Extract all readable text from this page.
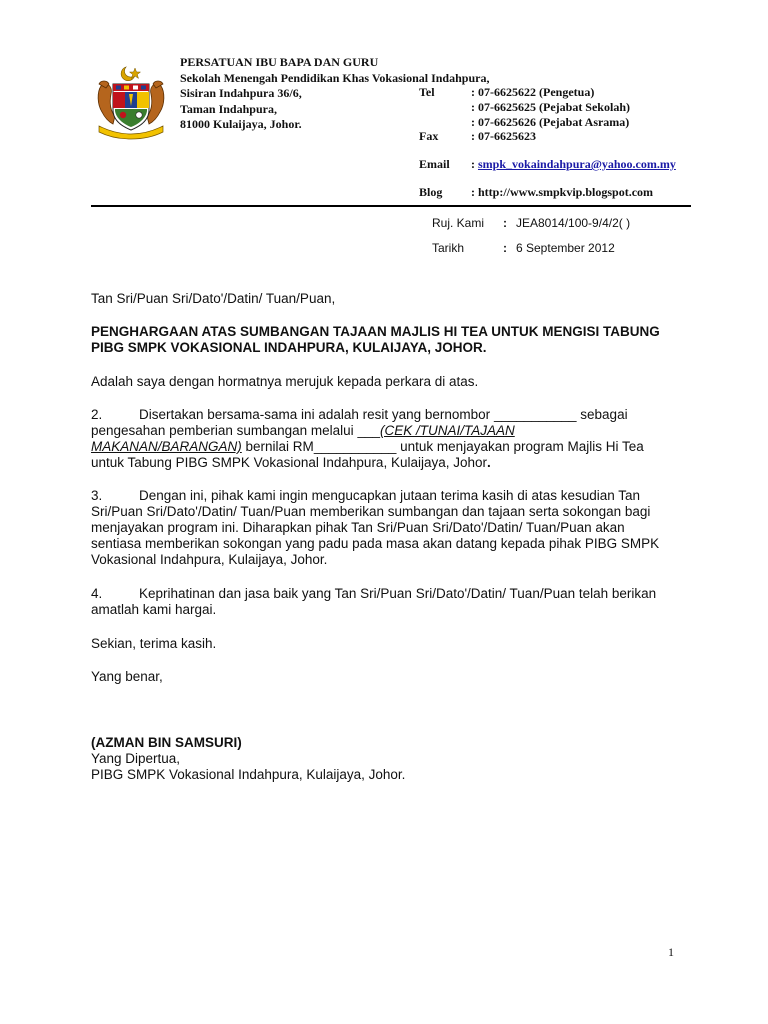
PERSATUAN IBU BAPA DAN GURU
Sekolah Menengah Pendidikan Khas Vokasional Indahpura,
Sisiran Indahpura 36/6,
Taman Indahpura,
81000 Kulaijaya, Johor.
Tel	: 07-6625622 (Pengetua)
: 07-6625625 (Pejabat Sekolah)
: 07-6625626 (Pejabat Asrama)
Fax	: 07-6625623
Email	: smpk_vokaindahpura@yahoo.com.my
Blog	: http://www.smpkvip.blogspot.com
Ruj. Kami : JEA8014/100-9/4/2( )
Tarikh	: 6 September 2012
Tan Sri/Puan Sri/Dato'/Datin/ Tuan/Puan,
PENGHARGAAN ATAS SUMBANGAN TAJAAN MAJLIS HI TEA UNTUK MENGISI TABUNG
PIBG SMPK VOKASIONAL INDAHPURA, KULAIJAYA, JOHOR.
Adalah saya dengan hormatnya merujuk kepada perkara di atas.
2.	Disertakan bersama-sama ini adalah resit yang bernombor ___________ sebagai
pengesahan pemberian sumbangan melalui ___(CEK /TUNAI/TAJAAN
MAKANAN/BARANGAN) bernilai RM___________ untuk menjayakan program Majlis Hi Tea
untuk Tabung PIBG SMPK Vokasional Indahpura, Kulaijaya, Johor.
3.	Dengan ini, pihak kami ingin mengucapkan jutaan terima kasih di atas kesudian Tan
Sri/Puan Sri/Dato'/Datin/ Tuan/Puan memberikan sumbangan dan tajaan serta sokongan bagi
menjayakan program ini. Diharapkan pihak Tan Sri/Puan Sri/Dato'/Datin/ Tuan/Puan akan
sentiasa memberikan sokongan yang padu pada masa akan datang kepada pihak PIBG SMPK
Vokasional Indahpura, Kulaijaya, Johor.
4.	Keprihatinan dan jasa baik yang Tan Sri/Puan Sri/Dato'/Datin/ Tuan/Puan telah berikan
amatlah kami hargai.
Sekian, terima kasih.
Yang benar,
(AZMAN BIN SAMSURI)
Yang Dipertua,
PIBG SMPK Vokasional Indahpura, Kulaijaya, Johor.
1
